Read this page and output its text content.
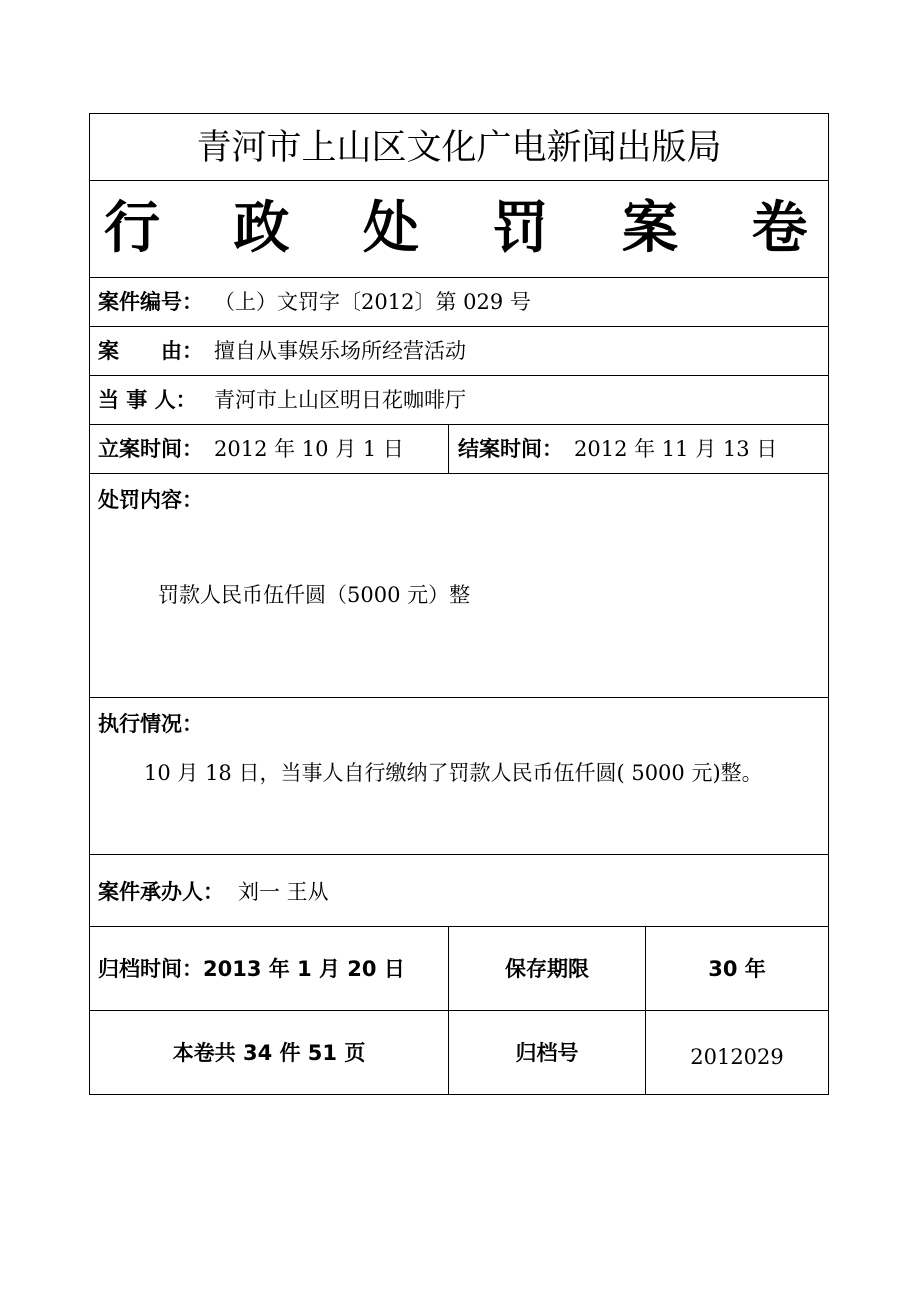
青河市上山区文化广电新闻出版局
行 政 处 罚 案 卷
案件编号： （上）文罚字〔2012〕第 029 号
案　　由： 擅自从事娱乐场所经营活动
当 事 人： 青河市上山区明日花咖啡厅
立案时间： 2012 年 10 月 1 日	结案时间： 2012 年 11 月 13 日
处罚内容：
罚款人民币伍仟圆（5000 元）整
执行情况：
10 月 18 日，当事人自行缴纳了罚款人民币伍仟圆( 5000 元)整。
案件承办人： 刘一 王从
归档时间：2013 年 1 月 20 日	保存期限	30 年
本卷共 34 件 51 页	归档号	2012029
